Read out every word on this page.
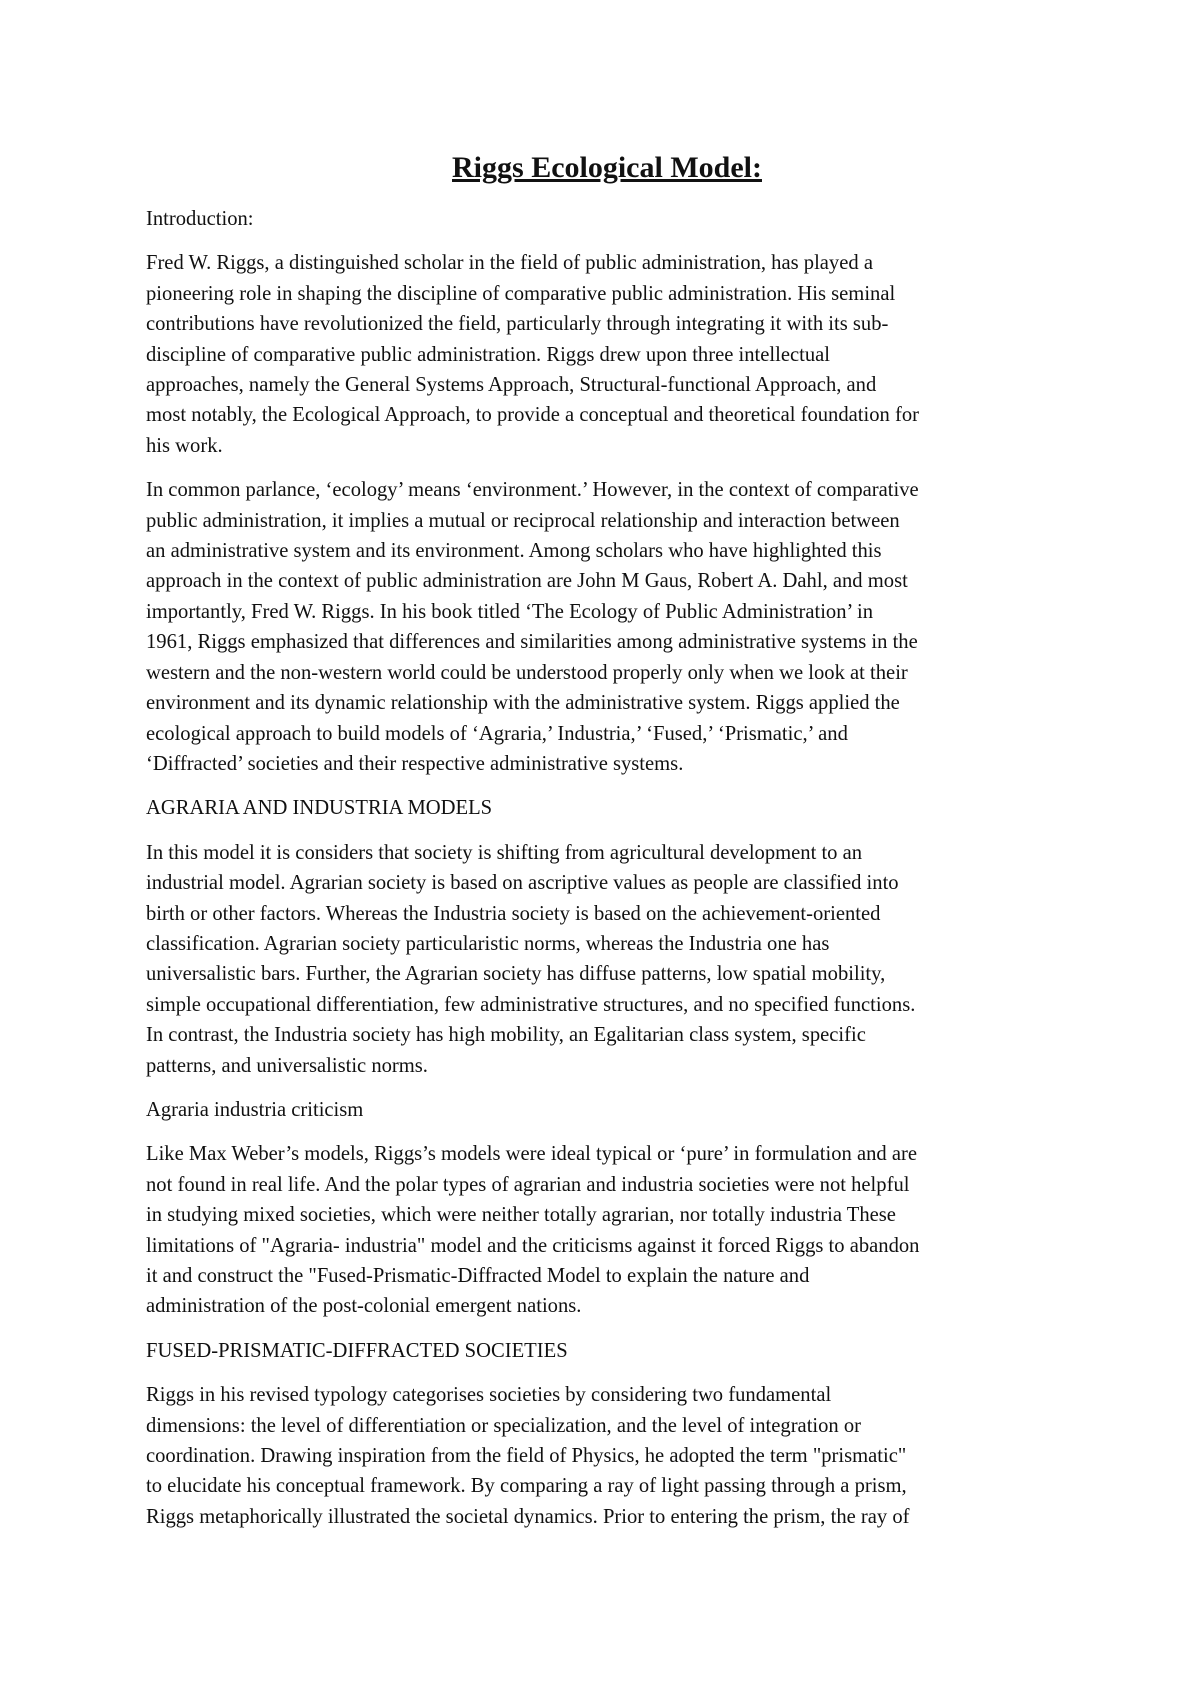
Riggs Ecological Model:
Introduction:
Fred W. Riggs, a distinguished scholar in the field of public administration, has played a
pioneering role in shaping the discipline of comparative public administration. His seminal
contributions have revolutionized the field, particularly through integrating it with its sub-
discipline of comparative public administration. Riggs drew upon three intellectual
approaches, namely the General Systems Approach, Structural-functional Approach, and
most notably, the Ecological Approach, to provide a conceptual and theoretical foundation for
his work.
In common parlance, ‘ecology’ means ‘environment.’ However, in the context of comparative
public administration, it implies a mutual or reciprocal relationship and interaction between
an administrative system and its environment. Among scholars who have highlighted this
approach in the context of public administration are John M Gaus, Robert A. Dahl, and most
importantly, Fred W. Riggs. In his book titled ‘The Ecology of Public Administration’ in
1961, Riggs emphasized that differences and similarities among administrative systems in the
western and the non-western world could be understood properly only when we look at their
environment and its dynamic relationship with the administrative system. Riggs applied the
ecological approach to build models of ‘Agraria,’ Industria,’ ‘Fused,’ ‘Prismatic,’ and
‘Diffracted’ societies and their respective administrative systems.
AGRARIA AND INDUSTRIA MODELS
In this model it is considers that society is shifting from agricultural development to an
industrial model. Agrarian society is based on ascriptive values as people are classified into
birth or other factors. Whereas the Industria society is based on the achievement-oriented
classification. Agrarian society particularistic norms, whereas the Industria one has
universalistic bars. Further, the Agrarian society has diffuse patterns, low spatial mobility,
simple occupational differentiation, few administrative structures, and no specified functions.
In contrast, the Industria society has high mobility, an Egalitarian class system, specific
patterns, and universalistic norms.
Agraria industria criticism
Like Max Weber’s models, Riggs’s models were ideal typical or ‘pure’ in formulation and are
not found in real life. And the polar types of agrarian and industria societies were not helpful
in studying mixed societies, which were neither totally agrarian, nor totally industria These
limitations of "Agraria- industria" model and the criticisms against it forced Riggs to abandon
it and construct the "Fused-Prismatic-Diffracted Model to explain the nature and
administration of the post-colonial emergent nations.
FUSED-PRISMATIC-DIFFRACTED SOCIETIES
Riggs in his revised typology categorises societies by considering two fundamental
dimensions: the level of differentiation or specialization, and the level of integration or
coordination. Drawing inspiration from the field of Physics, he adopted the term "prismatic"
to elucidate his conceptual framework. By comparing a ray of light passing through a prism,
Riggs metaphorically illustrated the societal dynamics. Prior to entering the prism, the ray of
